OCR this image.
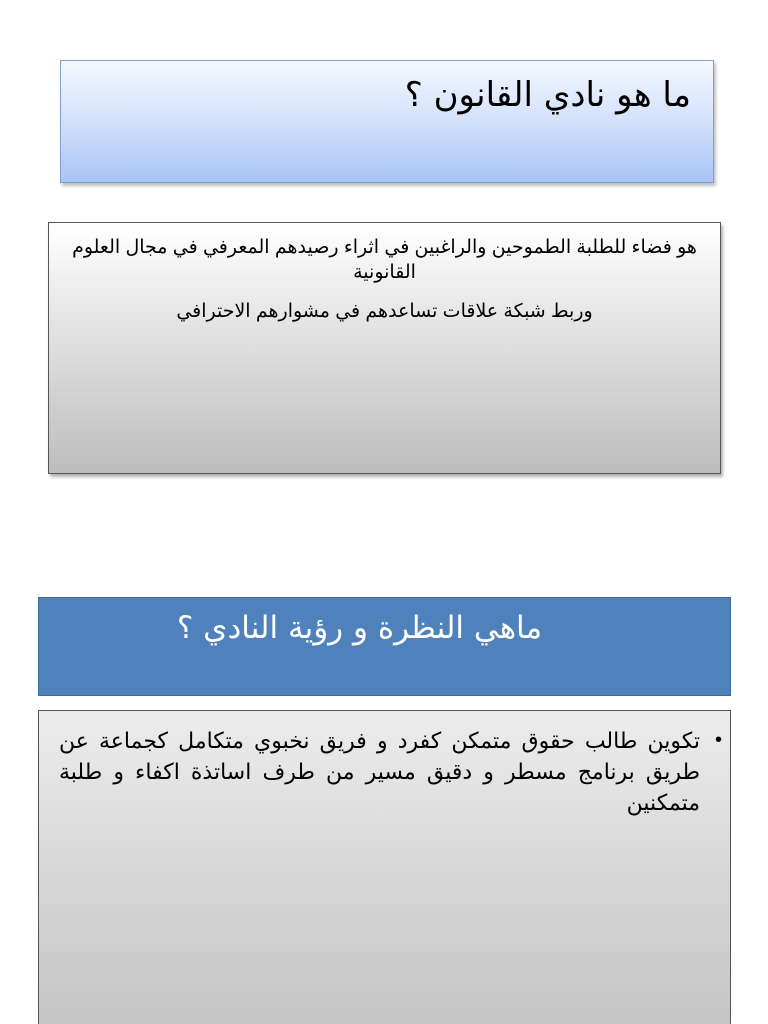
ما هو نادي القانون ؟

هو فضاء للطلبة الطموحين والراغبين في اثراء رصيدهم المعرفي في مجال العلوم القانونية

وربط شبكة علاقات تساعدهم في مشوارهم الاحترافي

ماهي النظرة و رؤية النادي ؟
•
تكوين طالب حقوق متمكن كفرد و فريق نخبوي متكامل كجماعة عن طريق برنامج مسطر و دقيق مسير من طرف اساتذة اكفاء و طلبة متمكنين
